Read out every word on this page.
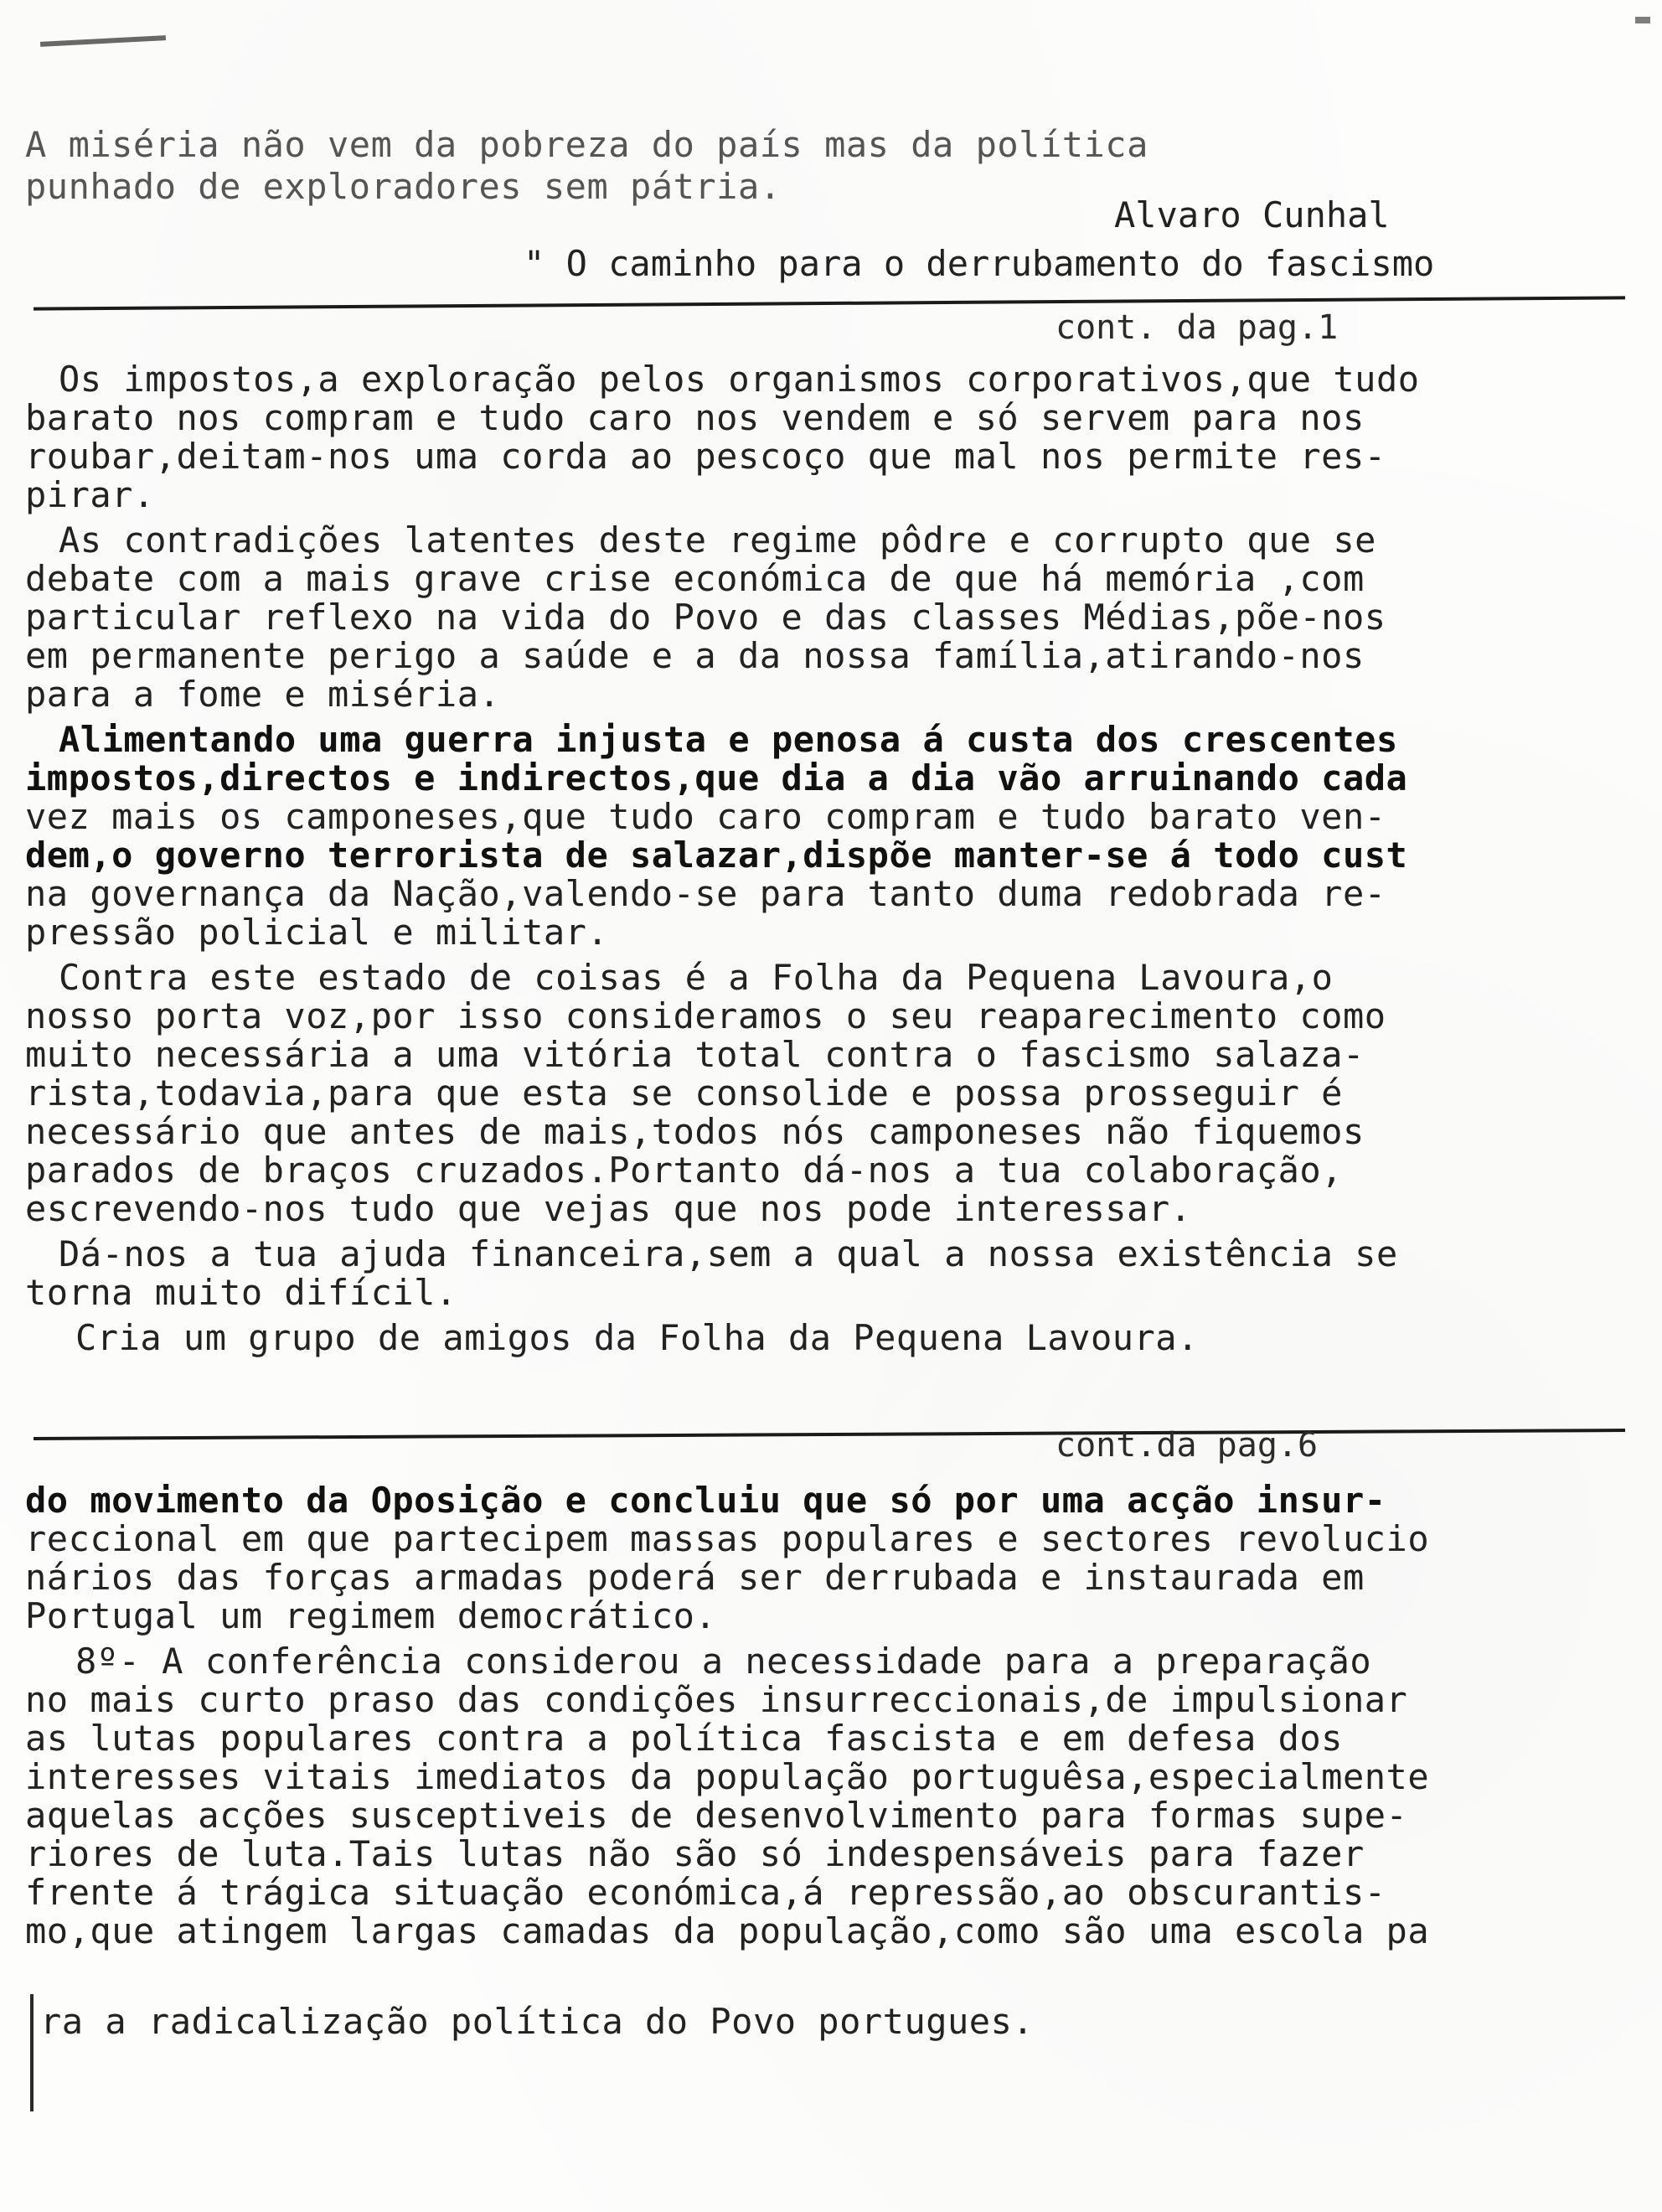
A miséria não vem da pobreza do país mas da política
punhado de exploradores sem pátria.
Alvaro Cunhal
" O caminho para o derrubamento do fascismo
cont. da pag.1
Os impostos,a exploração pelos organismos corporativos,que tudo
barato nos compram e tudo caro nos vendem e só servem para nos
roubar,deitam-nos uma corda ao pescoço que mal nos permite res-
pirar.
As contradições latentes deste regime pôdre e corrupto que se
debate com a mais grave crise económica de que há memória ,com
particular reflexo na vida do Povo e das classes Médias,põe-nos
em permanente perigo a saúde e a da nossa família,atirando-nos
para a fome e miséria.
Alimentando uma guerra injusta e penosa á custa dos crescentes
impostos,directos e indirectos,que dia a dia vão arruinando cada
vez mais os camponeses,que tudo caro compram e tudo barato ven-
dem,o governo terrorista de salazar,dispõe manter-se á todo cust
na governança da Nação,valendo-se para tanto duma redobrada re-
pressão policial e militar.
Contra este estado de coisas é a Folha da Pequena Lavoura,o
nosso porta voz,por isso consideramos o seu reaparecimento como
muito necessária a uma vitória total contra o fascismo salaza-
rista,todavia,para que esta se consolide e possa prosseguir é
necessário que antes de mais,todos nós camponeses não fiquemos
parados de braços cruzados.Portanto dá-nos a tua colaboração,
escrevendo-nos tudo que vejas que nos pode interessar.
Dá-nos a tua ajuda financeira,sem a qual a nossa existência se
torna muito difícil.
Cria um grupo de amigos da Folha da Pequena Lavoura.
cont.da pag.6
do movimento da Oposição e concluiu que só por uma acção insur-
reccional em que partecipem massas populares e sectores revolucio
nários das forças armadas poderá ser derrubada e instaurada em
Portugal um regimem democrático.
8º- A conferência considerou a necessidade para a preparação
no mais curto praso das condições insurreccionais,de impulsionar
as lutas populares contra a política fascista e em defesa dos
interesses vitais imediatos da população portuguêsa,especialmente
aquelas acções susceptiveis de desenvolvimento para formas supe-
riores de luta.Tais lutas não são só indespensáveis para fazer
frente á trágica situação económica,á repressão,ao obscurantis-
mo,que atingem largas camadas da população,como são uma escola pa
ra a radicalização política do Povo portugues.
